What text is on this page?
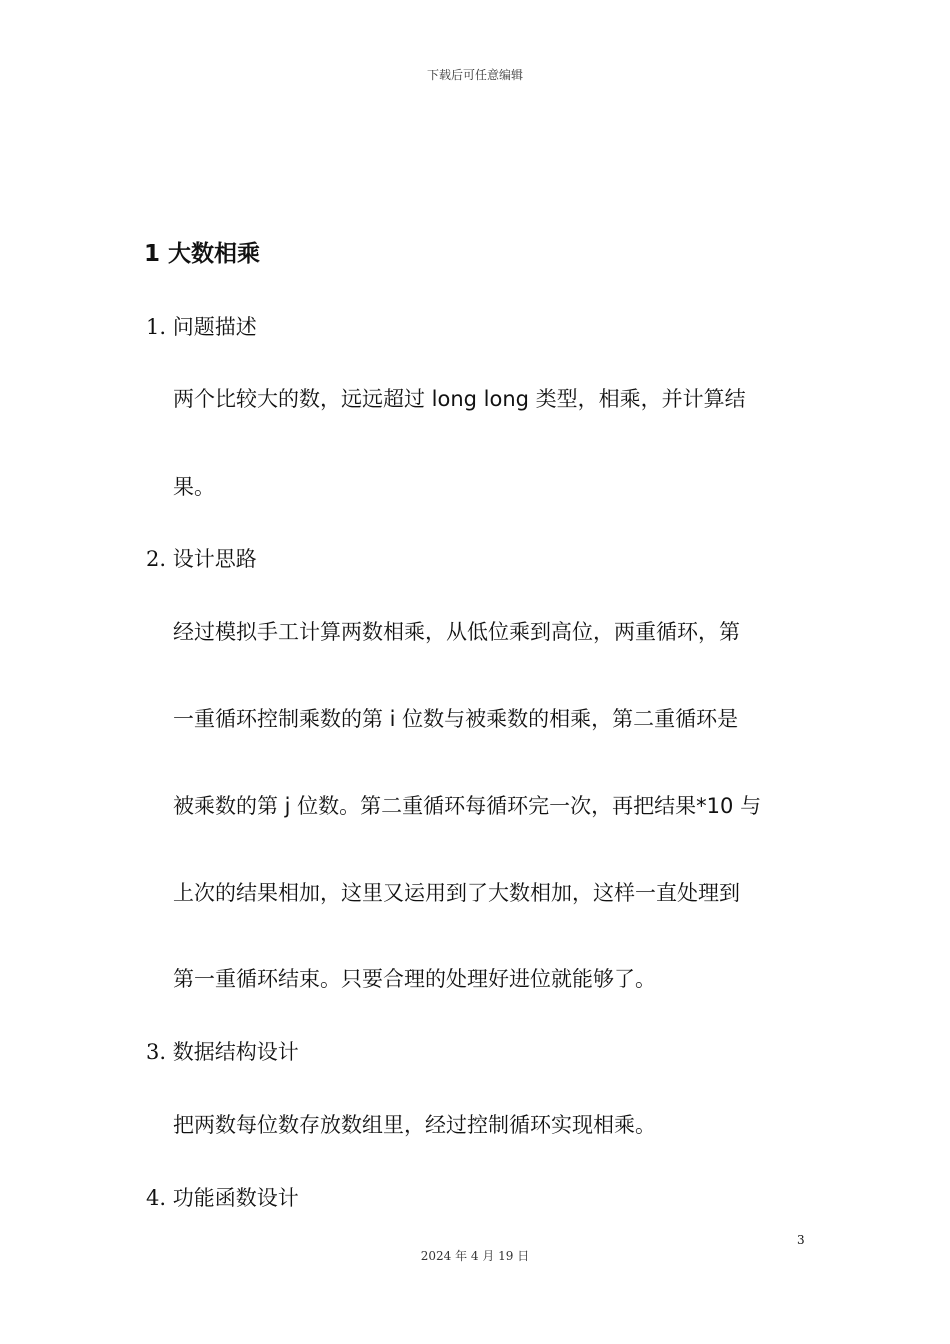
下载后可任意编辑
1 大数相乘
1. 问题描述
两个比较大的数，远远超过 long long 类型，相乘，并计算结
果。
2. 设计思路
经过模拟手工计算两数相乘，从低位乘到高位，两重循环，第
一重循环控制乘数的第 i 位数与被乘数的相乘，第二重循环是
被乘数的第 j 位数。第二重循环每循环完一次，再把结果*10 与
上次的结果相加，这里又运用到了大数相加，这样一直处理到
第一重循环结束。只要合理的处理好进位就能够了。
3. 数据结构设计
把两数每位数存放数组里，经过控制循环实现相乘。
4. 功能函数设计
3
2024 年 4 月 19 日
